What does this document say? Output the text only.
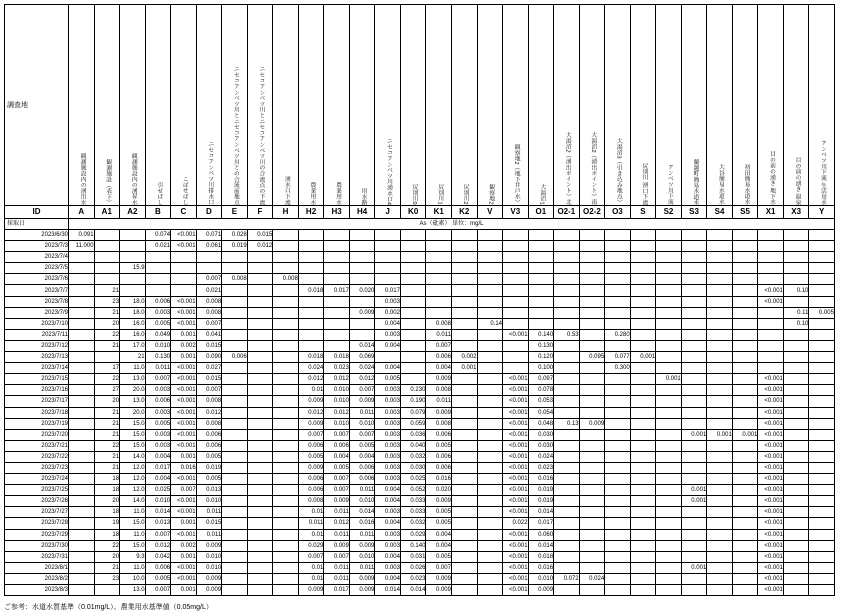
調査地	観測施設内の湧出水	観測施設（表下）	観測施設内の湧昇水	引せばし	こばせばし	ニセコアンベツ川排水口	ニセコアンベツ川とニセコアンベツ川との合流前地点	ニセコアンベツ川とニセコアンベツ川の合流点の下流	湧水口下流	農業用水	農業用水	用水路	ニセコアンベツ川湧水口4	尻別川0	尻別川1	尻別川2	観察地2	観察地2（地下井戸水）	大湯沼1	大湯沼2（湧出ポイント）北	大湯沼2（湧出ポイント）南	大湯沼3（引き込み地点）	尻別川 湧口下流	アンベツ川下流	蘭越町簡易水道水	大谷簡易水道水	初田簡易水道水	目の前の湧き 地下水	目の前の湧き 温泉	アンベツ川下流 生活用水

ID	A	A1	A2	B	C	D	E	F	H	H2	H3	H4	J	K0	K1	K2	V	V3	O1	O2-1	O2-2	O3	S	S2	S3	S4	S5	X1	X3	Y
採取日	As（砒素） 単位：mg/L																													
2023/6/30	0.091			0.074	<0.001	0.071	0.028	0.015																						
2023/7/3	11.000			0.021	<0.001	0.061	0.019	0.012																						
2023/7/4																														
2023/7/5			15.9																											
2023/7/6						0.007	0.008		0.008																					
2023/7/7		21				0.021				0.018	0.017	0.020	0.017															<0.001	0.10	
2023/7/8		23	18.0	0.006	<0.001	0.008							0.003															<0.001		
2023/7/9		21	18.0	0.003	<0.001	0.008						0.009	0.002																0.11	0.005
2023/7/10		20	16.0	0.005	<0.001	0.007							0.004		0.008		0.14												0.10	
2023/7/11		22	16.0	0.049	0.001	0.041							0.003		0.011			<0.001	0.140	0.53		0.280								
2023/7/12		21	17.0	0.010	0.002	0.015						0.014	0.004		0.007				0.130											
2023/7/13			21	0.130	0.001	0.090	0.006			0.018	0.018	0.069			0.006	0.002			0.120		0.095	0.077	0.001							
2023/7/14		17	11.0	0.011	<0.001	0.027				0.024	0.023	0.024	0.004		0.004	0.001			0.100			0.300								
2023/7/15		22	13.0	0.007	<0.001	0.015				0.012	0.012	0.012	0.005		0.009			<0.001	0.097					0.001				<0.001		
2023/7/16		27	20.0	0.003	<0.001	0.007				0.01	0.010	0.007	0.003	0.230	0.008			<0.001	0.078									<0.001		
2023/7/17		20	13.0	0.006	<0.001	0.008				0.009	0.010	0.009	0.003	0.190	0.011			<0.001	0.053									<0.001		
2023/7/18		21	20.0	0.003	<0.001	0.012				0.012	0.012	0.011	0.003	0.079	0.009			<0.001	0.054									<0.001		
2023/7/19		21	15.0	0.005	<0.001	0.008				0.009	0.010	0.010	0.003	0.059	0.008			<0.001	0.048	0.13	0.009							<0.001		
2023/7/20		21	15.0	0.003	<0.001	0.006				0.007	0.007	0.007	0.003	0.036	0.006			<0.001	0.030						0.001	0.001	0.001	<0.001		
2023/7/21		22	15.0	0.003	<0.001	0.006				0.006	0.006	0.005	0.003	0.040	0.005			<0.001	0.030									<0.001		
2023/7/22		21	14.0	0.004	0.001	0.005				0.005	0.004	0.004	0.003	0.032	0.006			<0.001	0.024									<0.001		
2023/7/23		21	12.0	0.017	0.016	0.019				0.009	0.005	0.006	0.003	0.030	0.006			<0.001	0.023									<0.001		
2023/7/24		18	12.0	0.004	<0.001	0.005				0.006	0.007	0.006	0.003	0.025	0.016			<0.001	0.016									<0.001		
2023/7/25		18	12.0	0.025	0.007	0.013				0.006	0.007	0.011	0.004	0.052	0.020			<0.001	0.019						0.001			<0.001		
2023/7/26		20	14.0	0.010	<0.001	0.010				0.008	0.009	0.010	0.004	0.033	0.009			<0.001	0.019						0.001			<0.001		
2023/7/27		18	11.0	0.014	<0.001	0.011				0.01	0.011	0.014	0.003	0.033	0.005			<0.001	0.014									<0.001		
2023/7/28		19	15.0	0.013	0.001	0.015				0.011	0.012	0.016	0.004	0.032	0.005			0.022	0.017									<0.001		
2023/7/29		18	11.0	0.007	<0.001	0.011				0.01	0.011	0.011	0.003	0.029	0.004			<0.001	0.060									<0.001		
2023/7/30		22	15.0	0.012	0.002	0.009				0.029	0.009	0.009	0.003	0.140	0.004			<0.001	0.014									<0.001		
2023/7/31		20	9.3	0.042	0.001	0.010				0.007	0.007	0.010	0.004	0.031	0.005			<0.001	0.018									<0.001		
2023/8/1		21	11.0	0.006	<0.001	0.010				0.01	0.011	0.011	0.003	0.026	0.007			<0.001	0.016						0.001			<0.001		
2023/8/2		23	10.0	0.005	<0.001	0.009				0.01	0.011	0.009	0.004	0.023	0.009			<0.001	0.010	0.072	0.024							<0.001		
2023/8/3			13.0	0.007	0.001	0.009				0.009	0.017	0.009	0.014	0.014	0.009			<0.001	0.009									<0.001		
ご参考：水道水質基準（0.01mg/L）、農業用水基準値（0.05mg/L）
